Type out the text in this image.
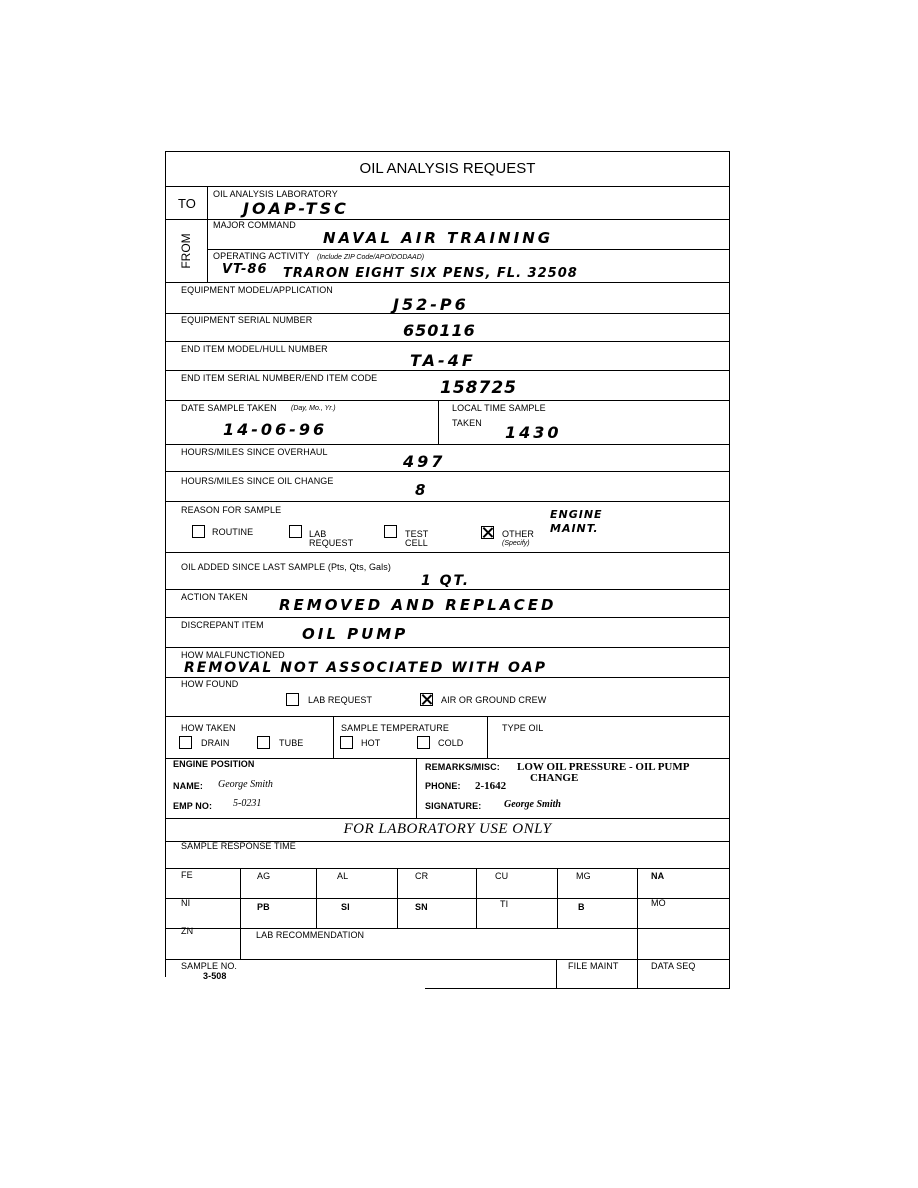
OIL ANALYSIS REQUEST
TO
OIL ANALYSIS LABORATORY
JOAP-TSC
FROM
MAJOR COMMAND
NAVAL AIR TRAINING
OPERATING ACTIVITY (Include ZIP Code/APO/DODAAD)
VT-86 TRARON EIGHT SIX PENS, FL. 32508
EQUIPMENT MODEL/APPLICATION
J52-P6
EQUIPMENT SERIAL NUMBER
650116
END ITEM MODEL/HULL NUMBER
TA-4F
END ITEM SERIAL NUMBER/END ITEM CODE	158725
DATE SAMPLE TAKEN (Day, Mo., Yr.)
14-06-96
LOCAL TIME SAMPLE
TAKEN 1430
HOURS/MILES SINCE OVERHAUL	497
HOURS/MILES SINCE OIL CHANGE	8
REASON FOR SAMPLE
ROUTINE	LAB
REQUEST
TEST
CELL
OTHER
(Specify)
ENGINE
MAINT.
OIL ADDED SINCE LAST SAMPLE (Pts, Qts, Gals)
1 QT.
ACTION TAKEN REMOVED AND REPLACED
DISCREPANT ITEM	OIL PUMP
HOW MALFUNCTIONED
REMOVAL NOT ASSOCIATED WITH OAP
HOW FOUND
LAB REQUEST	AIR OR GROUND CREW
HOW TAKEN
DRAIN	TUBE
SAMPLE TEMPERATURE
HOT	COLD
TYPE OIL
ENGINE POSITION
NAME: George Smith
EMP NO: 5-0231
REMARKS/MISC: LOW OIL PRESSURE - OIL PUMP
CHANGE
PHONE: 2-1642
SIGNATURE: George Smith
FOR LABORATORY USE ONLY
SAMPLE RESPONSE TIME
FE	AG	AL	CR	CU	MG	NA
NI	PB	SI	SN	TI	B	MO
ZN	LAB RECOMMENDATION
SAMPLE NO.
3-508
FILE MAINT	DATA SEQ
